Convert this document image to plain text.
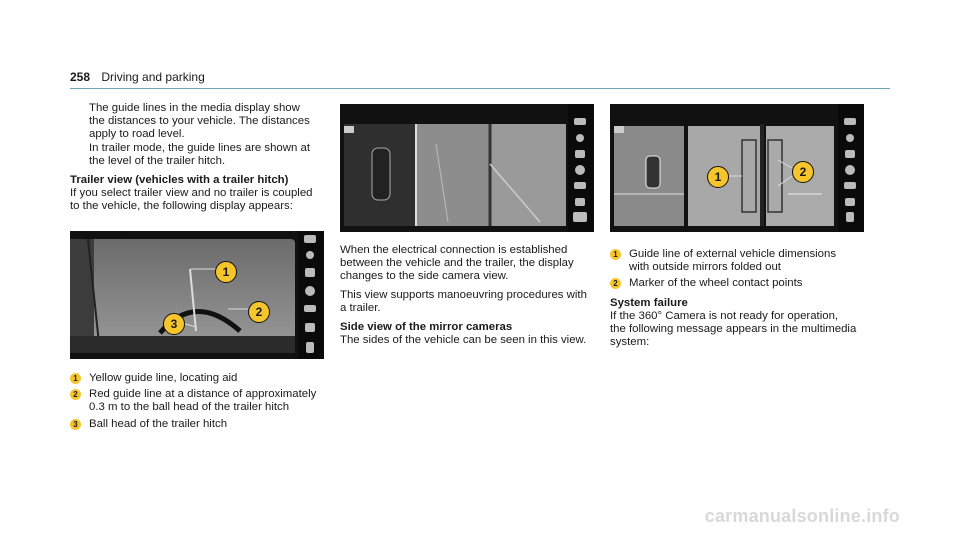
258 Driving and parking

The guide lines in the media display show

the distances to your vehicle. The distances

apply to road level.

In trailer mode, the guide lines are shown at

the level of the trailer hitch.

Trailer view (vehicles with a trailer hitch)

If you select trailer view and no trailer is coupled

to the vehicle, the following display appears:

1
2
3
1 Yellow guide line, locating aid

2 Red guide line at a distance of approximately

0.3 m to the ball head of the trailer hitch

3 Ball head of the trailer hitch

When the electrical connection is established

between the vehicle and the trailer, the display

changes to the side camera view.

This view supports manoeuvring procedures with

a trailer.

Side view of the mirror cameras

The sides of the vehicle can be seen in this view.

1	2
1 Guide line of external vehicle dimensions

with outside mirrors folded out

2 Marker of the wheel contact points

System failure

If the 360° Camera is not ready for operation,

the following message appears in the multimedia

system:

carmanualsonline.info
